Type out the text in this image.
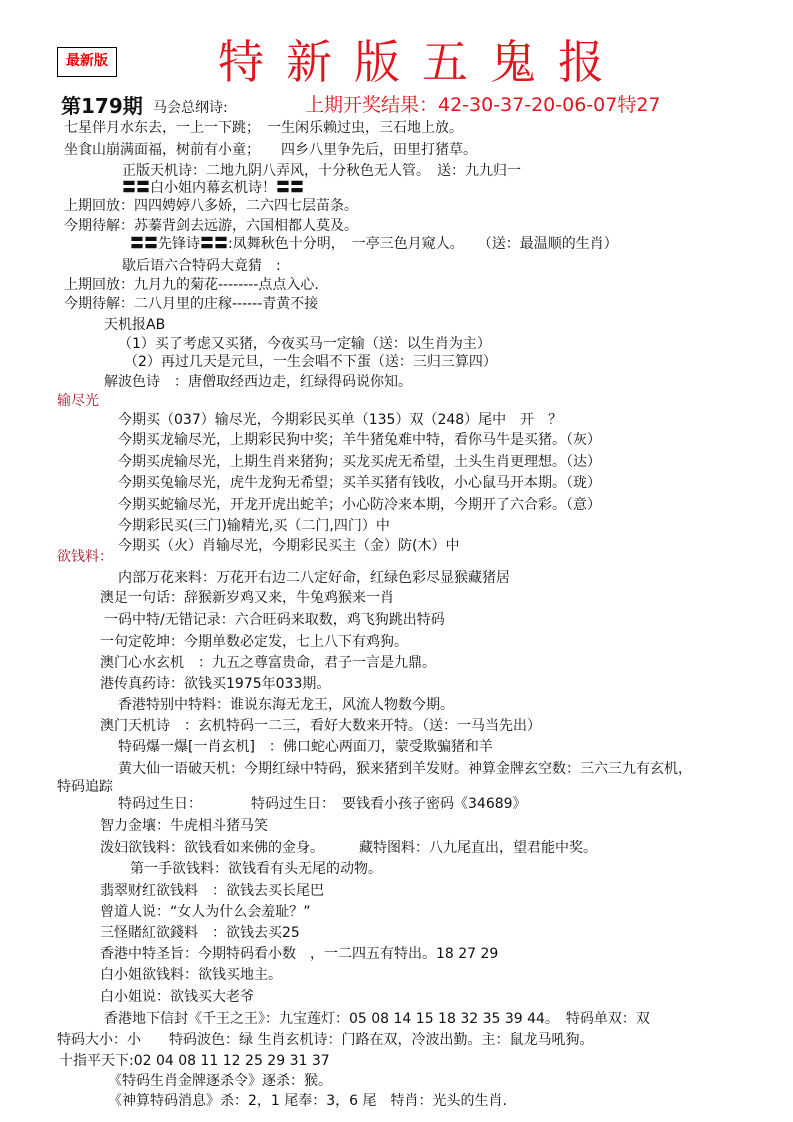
最新版 特新版五鬼报
第179期 马会总纲诗:	上期开奖结果：42-30-37-20-06-07特27
七星伴月水东去，一上一下跳；　一生闲乐赖过虫，三石地上放。
坐食山崩满面福，树前有小童；　　四乡八里争先后，田里打猪草。
正版天机诗：二地九阴八弄风，十分秋色无人管。　送：九九归一
〓〓白小姐内幕玄机诗！〓〓
上期回放：四四娉婷八多娇，二六四七层苗条。
今期待解：苏蓁背剑去远游，六国相都人莫及。
〓〓先锋诗〓〓:凤舞秋色十分明，　一亭三色月窥人。　　（送：最温顺的生肖）
歇后语六合特码大竟猜　:
上期回放：九月九的菊花--------点点入心.
今期待解：二八月里的庄稼------青黄不接
天机报AB
（1）买了考虑又买猪，今夜买马一定输（送：以生肖为主）
（2）再过几天是元旦，一生会唱不下蛋（送：三归三算四）
解波色诗　：唐僧取经西边走，红绿得码说你知。
输尽光
今期买（037）输尽光，今期彩民买单（135）双（248）尾中　开　？
今期买龙输尽光，上期彩民狗中奖；羊牛猪兔难中特，看你马牛是买猪。（灰）
今期买虎输尽光，上期生肖来猪狗；买龙买虎无希望，土头生肖更理想。（达）
今期买兔输尽光，虎牛龙狗无希望；买羊买猪有钱收，小心鼠马开本期。（珑）
今期买蛇输尽光，开龙开虎出蛇羊；小心防冷来本期，今期开了六合彩。（意）
今期彩民买(三门)输精光,买（二门,四门）中
今期买（火）肖输尽光，今期彩民买主（金）防(木）中
欲钱料：
内部万花来料：万花开右边二八定好命，红绿色彩尽显猴藏猪居
澳足一句话：辞猴新岁鸡又来，牛兔鸡猴来一肖
一码中特/无错记录：六合旺码来取数，鸡飞狗跳出特码
一句定乾坤：今期单数必定发，七上八下有鸡狗。
澳门心水玄机　：九五之尊富贵命，君子一言是九鼎。
港传真药诗：欲钱买1975年033期。
香港特别中特料：谁说东海无龙王，风流人物数今期。
澳门天机诗　：玄机特码一二三，看好大数来开特。（送：一马当先出）
特码爆一爆[一肖玄机]　：佛口蛇心两面刀，蒙受欺骗猪和羊
黄大仙一语破天机：今期红绿中特码，猴来猪到羊发财。神算金牌玄空数：三六三九有玄机，
特码追踪
特码过生日：　　　　特码过生日：　要钱看小孩子密码《34689》
智力金壤：牛虎相斗猪马笑
泼妇欲钱料：欲钱看如来佛的金身。　　　藏特图料：八九尾直出，望君能中奖。
第一手欲钱料：欲钱看有头无尾的动物。
翡翠财红欲钱料　：欲钱去买长尾巴
曾道人说：“女人为什么会羞耻？”
三怪賭紅欲錢料　：欲钱去买25
香港中特圣旨：今期特码看小数　，一二四五有特出。18 27 29
白小姐欲钱料：欲钱买地主。
白小姐说：欲钱买大老爷
香港地下信封《千王之王》：九宝莲灯：05 08 14 15 18 32 35 39 44。　特码单双：双
特码大小：小　　特码波色：绿 生肖玄机诗：门路在双，冷波出勤。主：鼠龙马吼狗。
十指平天下:02 04 08 11 12 25 29 31 37
《特码生肖金牌逐杀令》逐杀：猴。
《神算特码消息》杀：2，1 尾奉：3，6 尾　特肖：光头的生肖.
